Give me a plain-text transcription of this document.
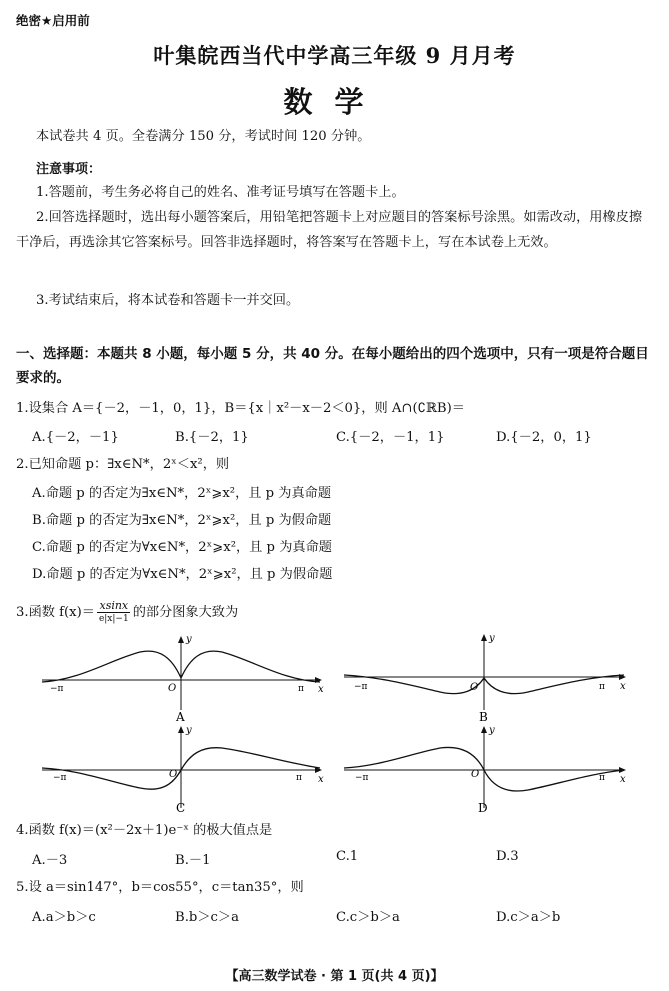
绝密★启用前
叶集皖西当代中学高三年级 9 月月考
数学
本试卷共 4 页。全卷满分 150 分，考试时间 120 分钟。
注意事项：
1.答题前，考生务必将自己的姓名、准考证号填写在答题卡上。
2.回答选择题时，选出每小题答案后，用铅笔把答题卡上对应题目的答案标号涂黑。如需改动，用橡皮擦干净后，再选涂其它答案标号。回答非选择题时，将答案写在答题卡上，写在本试卷上无效。
3.考试结束后，将本试卷和答题卡一并交回。
一、选择题：本题共 8 小题，每小题 5 分，共 40 分。在每小题给出的四个选项中，只有一项是符合题目要求的。
1.设集合 A＝{－2，－1，0，1}，B＝{x｜x²－x－2＜0}，则 A∩(∁ℝB)＝
A.{－2，－1}	B.{－2，1}	C.{－2，－1，1}	D.{－2，0，1}
2.已知命题 p：∃x∈N*，2ˣ＜x²，则
A.命题 p 的否定为∃x∈N*，2ˣ⩾x²，且 p 为真命题
B.命题 p 的否定为∃x∈N*，2ˣ⩾x²，且 p 为假命题
C.命题 p 的否定为∀x∈N*，2ˣ⩾x²，且 p 为真命题
D.命题 p 的否定为∀x∈N*，2ˣ⩾x²，且 p 为假命题
3.函数 f(x)＝ xsinx
e|x|−1 的部分图象大致为
y
x
O
−π	π
A
y
x
O
−π	π
B
y
x
O
−π	π
C
y
x
O
−π	π
D
4.函数 f(x)＝(x²－2x＋1)e⁻ˣ 的极大值点是
A.－3	B.－1	C.1	D.3
5.设 a＝sin147°，b＝cos55°，c＝tan35°，则
A.a＞b＞c	B.b＞c＞a	C.c＞b＞a	D.c＞a＞b
【高三数学试卷 · 第 1 页(共 4 页)】
